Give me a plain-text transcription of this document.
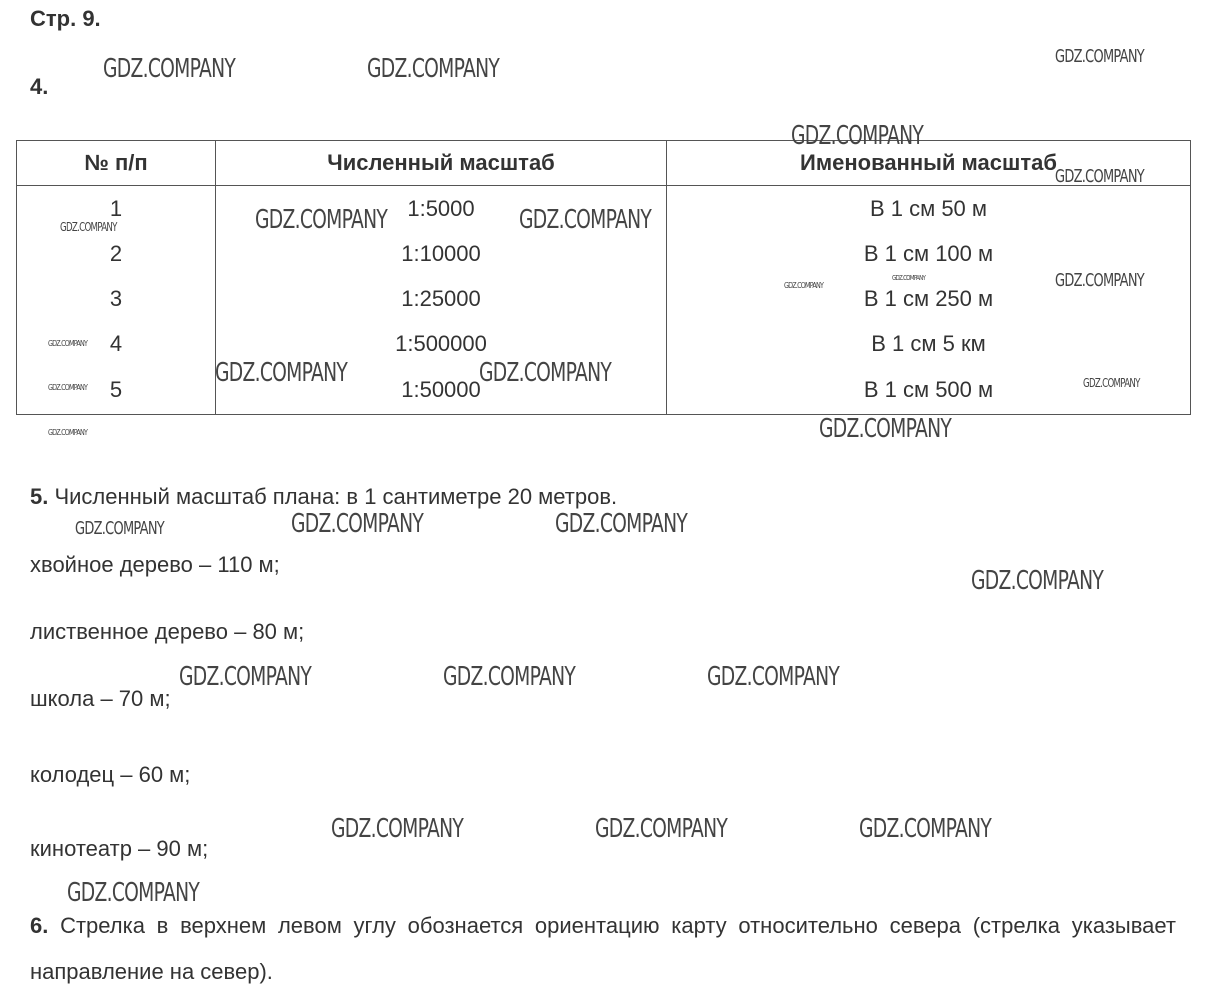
Стр. 9.
4.
№ п/п	Численный масштаб	Именованный масштаб
1	1:5000	В 1 см 50 м
2	1:10000	В 1 см 100 м
3	1:25000	В 1 см 250 м
4	1:500000	В 1 см 5 км
5	1:50000	В 1 см 500 м
5. Численный масштаб плана: в 1 сантиметре 20 метров.
хвойное дерево – 110 м;
лиственное дерево – 80 м;
школа – 70 м;
колодец – 60 м;
кинотеатр – 90 м;
6. Стрелка в верхнем левом углу обознается ориентацию карту относительно севера (стрелка указывает направление на север).
GDZ.COMPANY	GDZ.COMPANY	GDZ.COMPANY
GDZ.COMPANY
GDZ.COMPANY
GDZ.COMPANY	GDZ.COMPANY	GDZ.COMPANY
GDZ.COMPANY
GDZ.COMPANY	GDZ.COMPANY
GDZ.COMPANY
GDZ.COMPANY	GDZ.COMPANY
GDZ.COMPANY	GDZ.COMPANY
GDZ.COMPANY
GDZ.COMPANY
GDZ.COMPANY	GDZ.COMPANY	GDZ.COMPANY
GDZ.COMPANY
GDZ.COMPANY	GDZ.COMPANY	GDZ.COMPANY
GDZ.COMPANY	GDZ.COMPANY	GDZ.COMPANY
GDZ.COMPANY
